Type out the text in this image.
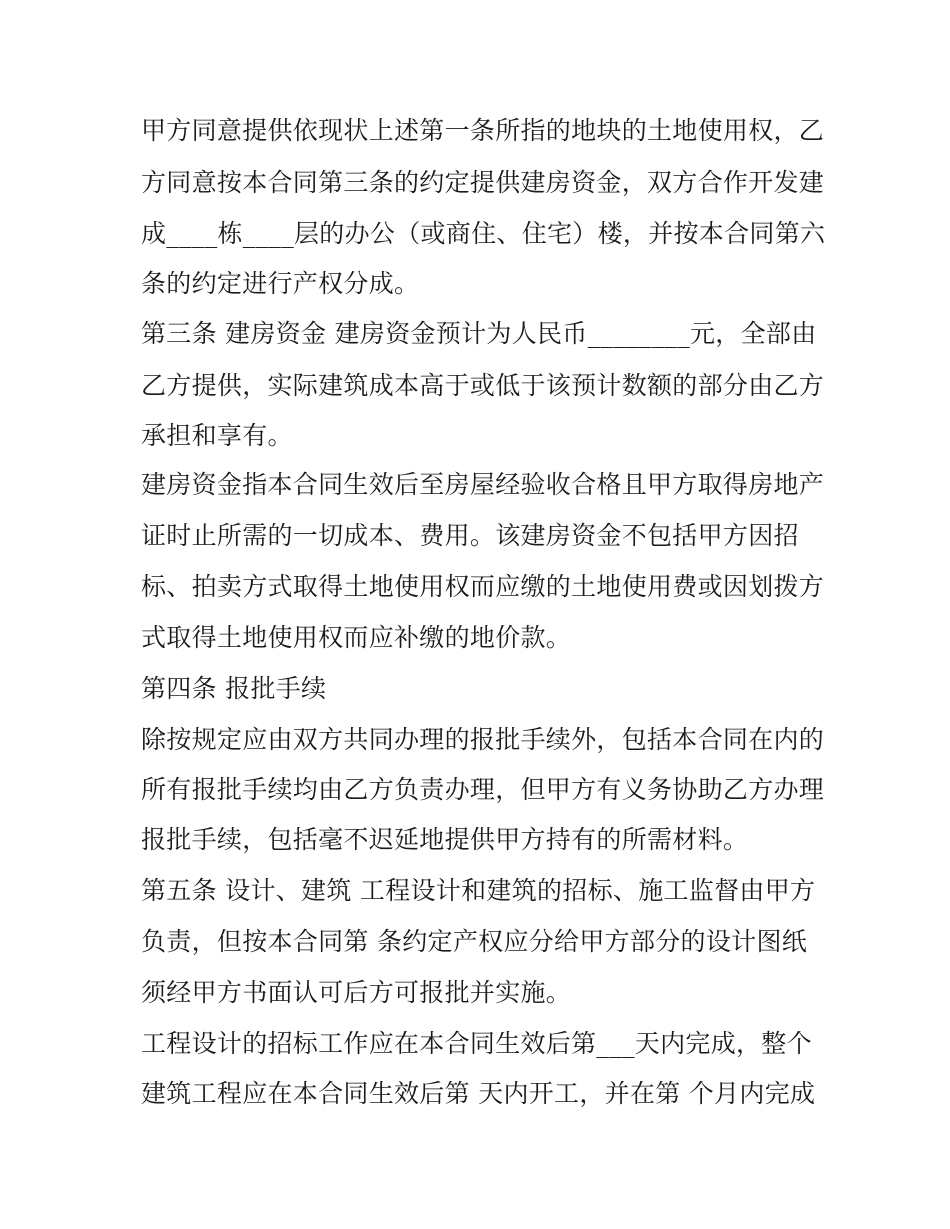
甲方同意提供依现状上述第一条所指的地块的土地使用权，乙
方同意按本合同第三条的约定提供建房资金，双方合作开发建
成____栋____层的办公（或商住、住宅）楼，并按本合同第六
条的约定进行产权分成。
第三条 建房资金 建房资金预计为人民币________元，全部由
乙方提供，实际建筑成本高于或低于该预计数额的部分由乙方
承担和享有。
建房资金指本合同生效后至房屋经验收合格且甲方取得房地产
证时止所需的一切成本、费用。该建房资金不包括甲方因招
标、拍卖方式取得土地使用权而应缴的土地使用费或因划拨方
式取得土地使用权而应补缴的地价款。
第四条 报批手续
除按规定应由双方共同办理的报批手续外，包括本合同在内的
所有报批手续均由乙方负责办理，但甲方有义务协助乙方办理
报批手续，包括毫不迟延地提供甲方持有的所需材料。
第五条 设计、建筑 工程设计和建筑的招标、施工监督由甲方
负责，但按本合同第 条约定产权应分给甲方部分的设计图纸
须经甲方书面认可后方可报批并实施。
工程设计的招标工作应在本合同生效后第___天内完成，整个
建筑工程应在本合同生效后第 天内开工，并在第 个月内完成
